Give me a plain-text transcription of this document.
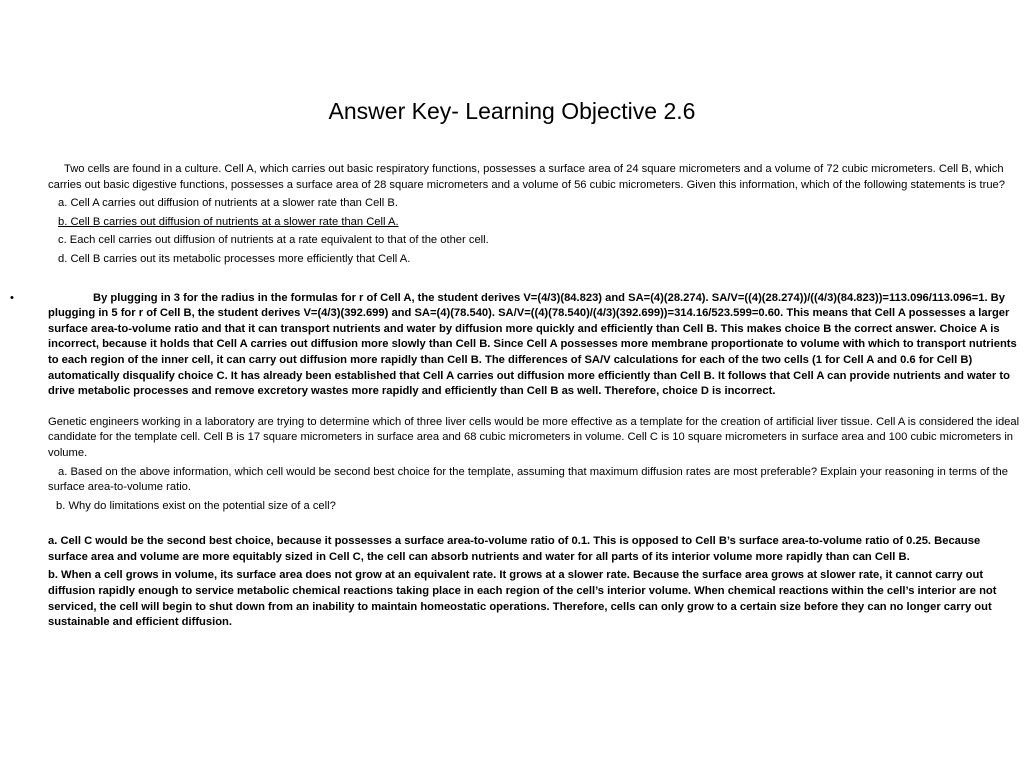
Answer Key- Learning Objective 2.6

Two cells are found in a culture. Cell A, which carries out basic respiratory functions, possesses a surface area of 24 square micrometers and a volume of 72 cubic micrometers. Cell B, which carries out basic digestive functions, possesses a surface area of 28 square micrometers and a volume of 56 cubic micrometers. Given this information, which of the following statements is true?

a. Cell A carries out diffusion of nutrients at a slower rate than Cell B.

b. Cell B carries out diffusion of nutrients at a slower rate than Cell A.

c. Each cell carries out diffusion of nutrients at a rate equivalent to that of the other cell.

d. Cell B carries out its metabolic processes more efficiently that Cell A.

•	By plugging in 3 for the radius in the formulas for r of Cell A, the student derives V=(4/3)(84.823) and SA=(4)(28.274). SA/V=((4)(28.274))/((4/3)(84.823))=113.096/113.096=1. By plugging in 5 for r of Cell B, the student derives V=(4/3)(392.699) and SA=(4)(78.540). SA/V=((4)(78.540)/(4/3)(392.699))=314.16/523.599=0.60. This means that Cell A possesses a larger surface area-to-volume ratio and that it can transport nutrients and water by diffusion more quickly and efficiently than Cell B. This makes choice B the correct answer. Choice A is incorrect, because it holds that Cell A carries out diffusion more slowly than Cell B. Since Cell A possesses more membrane proportionate to volume with which to transport nutrients to each region of the inner cell, it can carry out diffusion more rapidly than Cell B. The differences of SA/V calculations for each of the two cells (1 for Cell A and 0.6 for Cell B) automatically disqualify choice C. It has already been established that Cell A carries out diffusion more efficiently than Cell B. It follows that Cell A can provide nutrients and water to drive metabolic processes and remove excretory wastes more rapidly and efficiently than Cell B as well. Therefore, choice D is incorrect.

Genetic engineers working in a laboratory are trying to determine which of three liver cells would be more effective as a template for the creation of artificial liver tissue. Cell A is considered the ideal candidate for the template cell. Cell B is 17 square micrometers in surface area and 68 cubic micrometers in volume. Cell C is 10 square micrometers in surface area and 100 cubic micrometers in volume.

a. Based on the above information, which cell would be second best choice for the template, assuming that maximum diffusion rates are most preferable? Explain your reasoning in terms of the surface area-to-volume ratio.

b. Why do limitations exist on the potential size of a cell?

a. Cell C would be the second best choice, because it possesses a surface area-to-volume ratio of 0.1. This is opposed to Cell B’s surface area-to-volume ratio of 0.25. Because surface area and volume are more equitably sized in Cell C, the cell can absorb nutrients and water for all parts of its interior volume more rapidly than can Cell B.

b. When a cell grows in volume, its surface area does not grow at an equivalent rate. It grows at a slower rate. Because the surface area grows at slower rate, it cannot carry out diffusion rapidly enough to service metabolic chemical reactions taking place in each region of the cell’s interior volume. When chemical reactions within the cell’s interior are not serviced, the cell will begin to shut down from an inability to maintain homeostatic operations. Therefore, cells can only grow to a certain size before they can no longer carry out sustainable and efficient diffusion.
